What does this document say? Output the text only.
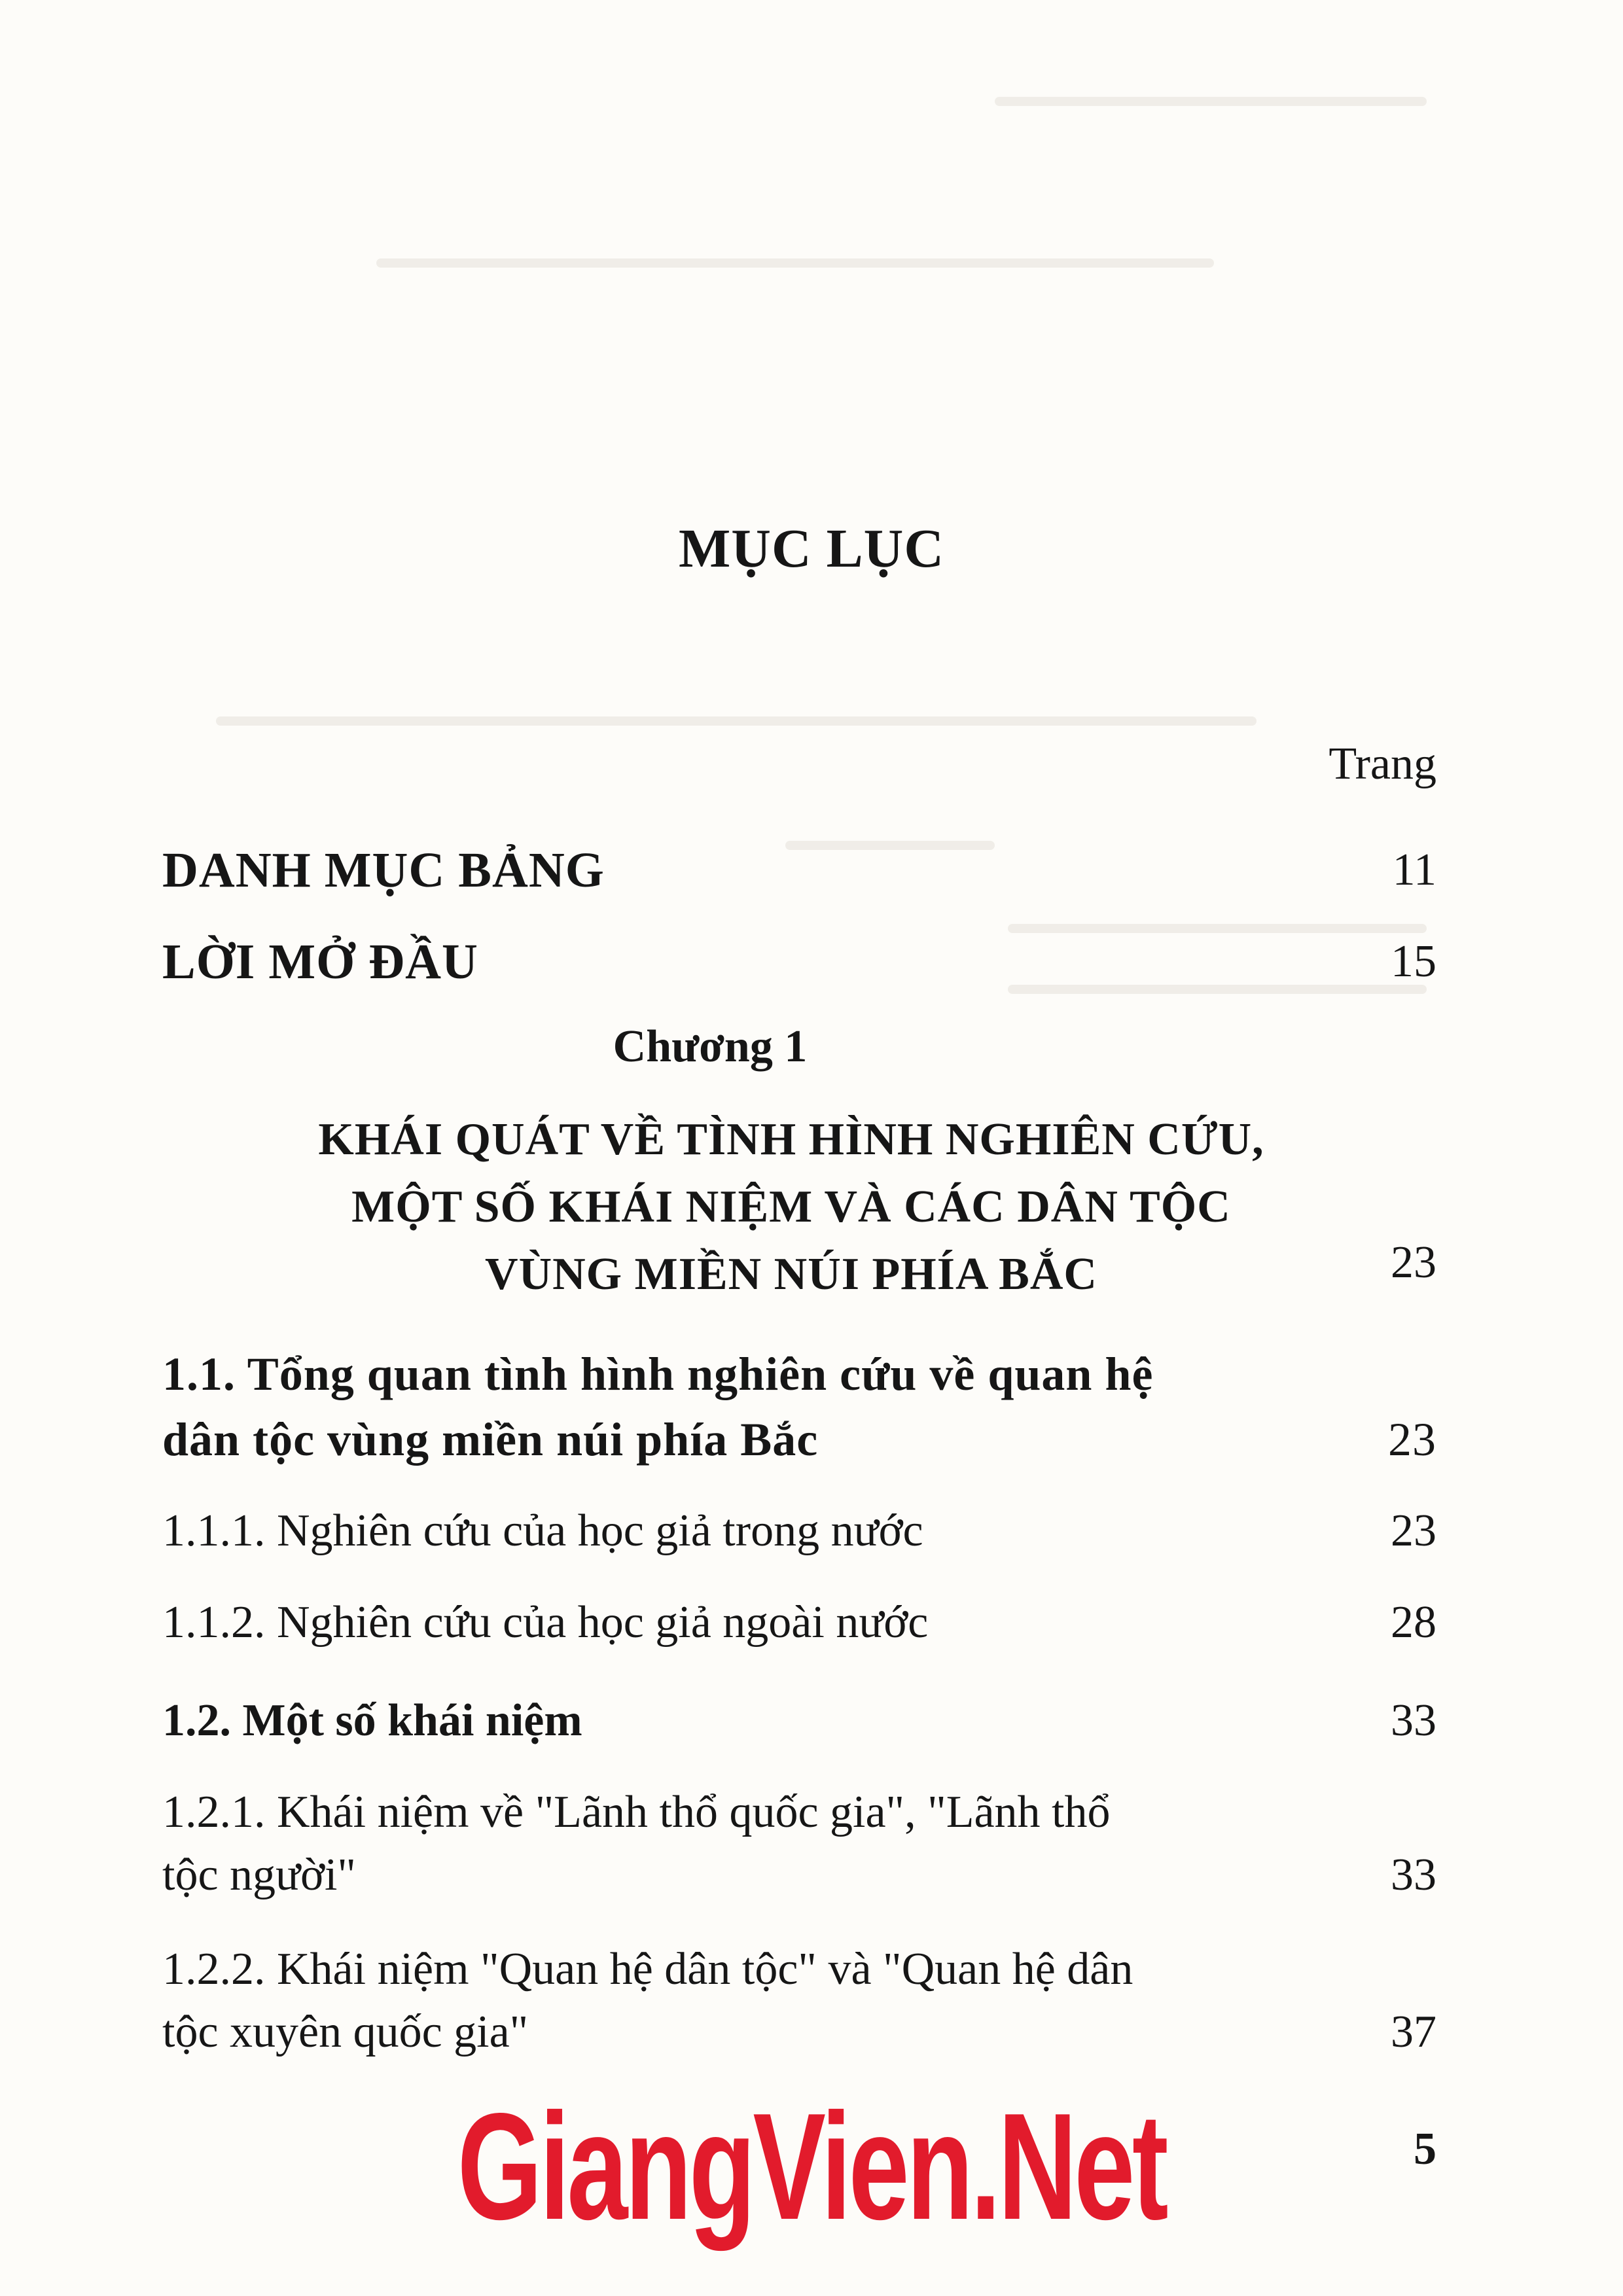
MỤC LỤC
Trang
DANH MỤC BẢNG	11
LỜI MỞ ĐẦU	15
Chương 1
KHÁI QUÁT VỀ TÌNH HÌNH NGHIÊN CỨU,
MỘT SỐ KHÁI NIỆM VÀ CÁC DÂN TỘC
VÙNG MIỀN NÚI PHÍA BẮC	23
1.1. Tổng quan tình hình nghiên cứu về quan hệ
dân tộc vùng miền núi phía Bắc	23
1.1.1. Nghiên cứu của học giả trong nước	23
1.1.2. Nghiên cứu của học giả ngoài nước	28
1.2. Một số khái niệm	33
1.2.1. Khái niệm về "Lãnh thổ quốc gia", "Lãnh thổ
tộc người"	33
1.2.2. Khái niệm "Quan hệ dân tộc" và "Quan hệ dân
tộc xuyên quốc gia"	37
GiangVien.Net	5
